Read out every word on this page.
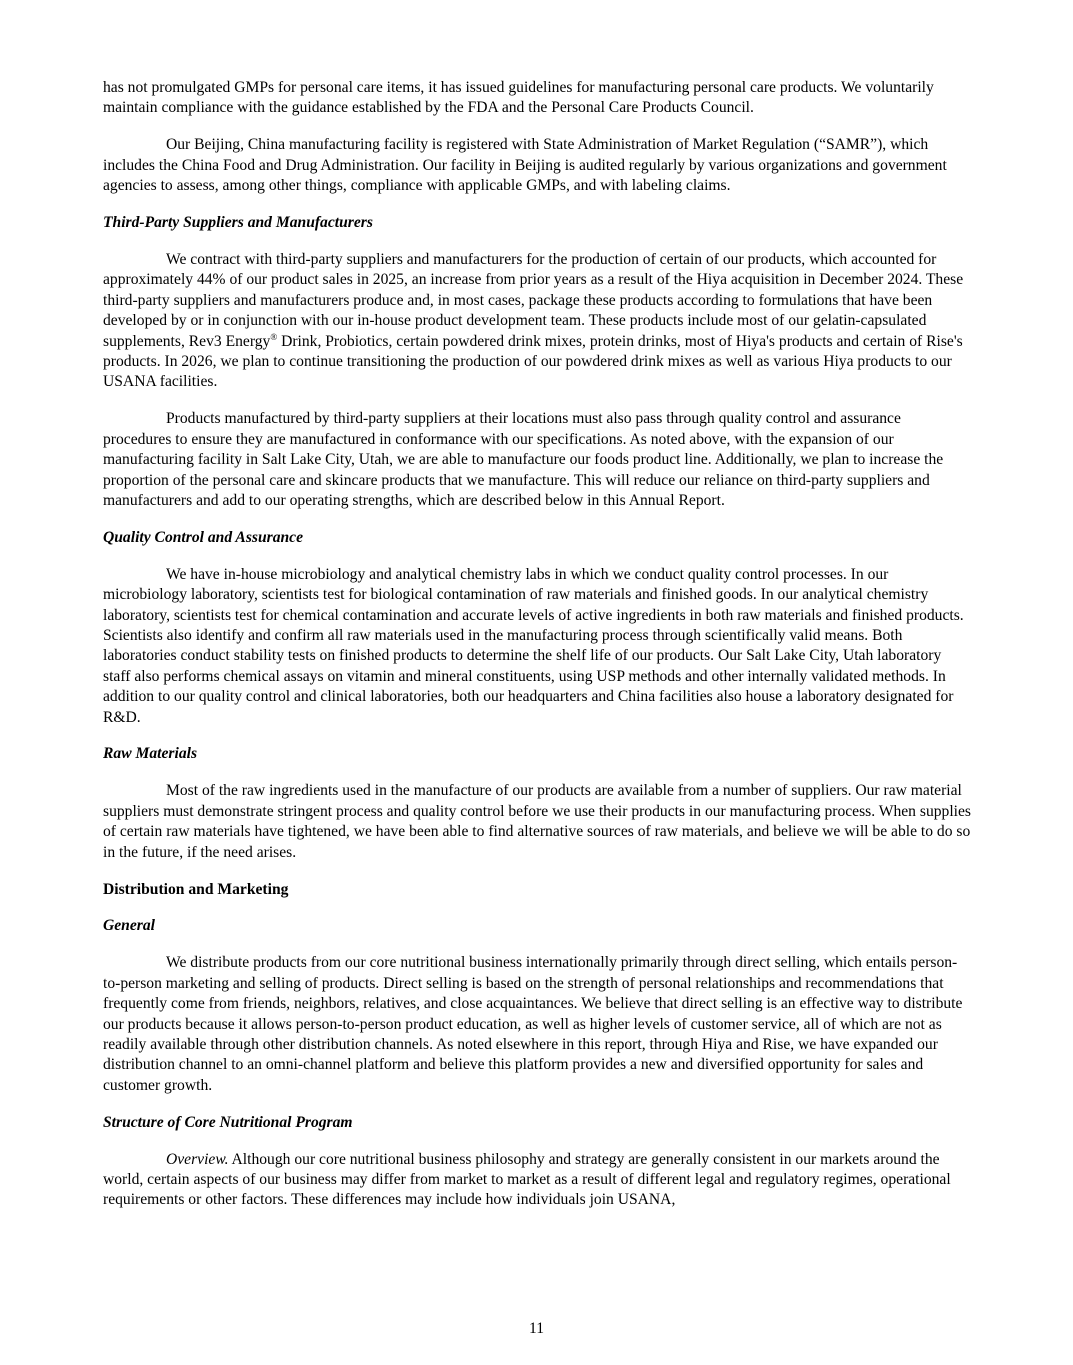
has not promulgated GMPs for personal care items, it has issued guidelines for manufacturing personal care products. We voluntarily maintain compliance with the guidance established by the FDA and the Personal Care Products Council.

Our Beijing, China manufacturing facility is registered with State Administration of Market Regulation (“SAMR”), which includes the China Food and Drug Administration. Our facility in Beijing is audited regularly by various organizations and government agencies to assess, among other things, compliance with applicable GMPs, and with labeling claims.

Third-Party Suppliers and Manufacturers

We contract with third-party suppliers and manufacturers for the production of certain of our products, which accounted for approximately 44% of our product sales in 2025, an increase from prior years as a result of the Hiya acquisition in December 2024. These third-party suppliers and manufacturers produce and, in most cases, package these products according to formulations that have been developed by or in conjunction with our in-house product development team. These products include most of our gelatin-capsulated supplements, Rev3 Energy® Drink, Probiotics, certain powdered drink mixes, protein drinks, most of Hiya's products and certain of Rise's products. In 2026, we plan to continue transitioning the production of our powdered drink mixes as well as various Hiya products to our USANA facilities.

Products manufactured by third-party suppliers at their locations must also pass through quality control and assurance procedures to ensure they are manufactured in conformance with our specifications. As noted above, with the expansion of our manufacturing facility in Salt Lake City, Utah, we are able to manufacture our foods product line. Additionally, we plan to increase the proportion of the personal care and skincare products that we manufacture. This will reduce our reliance on third-party suppliers and manufacturers and add to our operating strengths, which are described below in this Annual Report.

Quality Control and Assurance

We have in-house microbiology and analytical chemistry labs in which we conduct quality control processes. In our microbiology laboratory, scientists test for biological contamination of raw materials and finished goods. In our analytical chemistry laboratory, scientists test for chemical contamination and accurate levels of active ingredients in both raw materials and finished products. Scientists also identify and confirm all raw materials used in the manufacturing process through scientifically valid means. Both laboratories conduct stability tests on finished products to determine the shelf life of our products. Our Salt Lake City, Utah laboratory staff also performs chemical assays on vitamin and mineral constituents, using USP methods and other internally validated methods. In addition to our quality control and clinical laboratories, both our headquarters and China facilities also house a laboratory designated for R&D.

Raw Materials

Most of the raw ingredients used in the manufacture of our products are available from a number of suppliers. Our raw material suppliers must demonstrate stringent process and quality control before we use their products in our manufacturing process. When supplies of certain raw materials have tightened, we have been able to find alternative sources of raw materials, and believe we will be able to do so in the future, if the need arises.

Distribution and Marketing
General

We distribute products from our core nutritional business internationally primarily through direct selling, which entails person-to-person marketing and selling of products. Direct selling is based on the strength of personal relationships and recommendations that frequently come from friends, neighbors, relatives, and close acquaintances. We believe that direct selling is an effective way to distribute our products because it allows person-to-person product education, as well as higher levels of customer service, all of which are not as readily available through other distribution channels. As noted elsewhere in this report, through Hiya and Rise, we have expanded our distribution channel to an omni-channel platform and believe this platform provides a new and diversified opportunity for sales and customer growth.

Structure of Core Nutritional Program

Overview. Although our core nutritional business philosophy and strategy are generally consistent in our markets around the world, certain aspects of our business may differ from market to market as a result of different legal and regulatory regimes, operational requirements or other factors. These differences may include how individuals join USANA,

11
